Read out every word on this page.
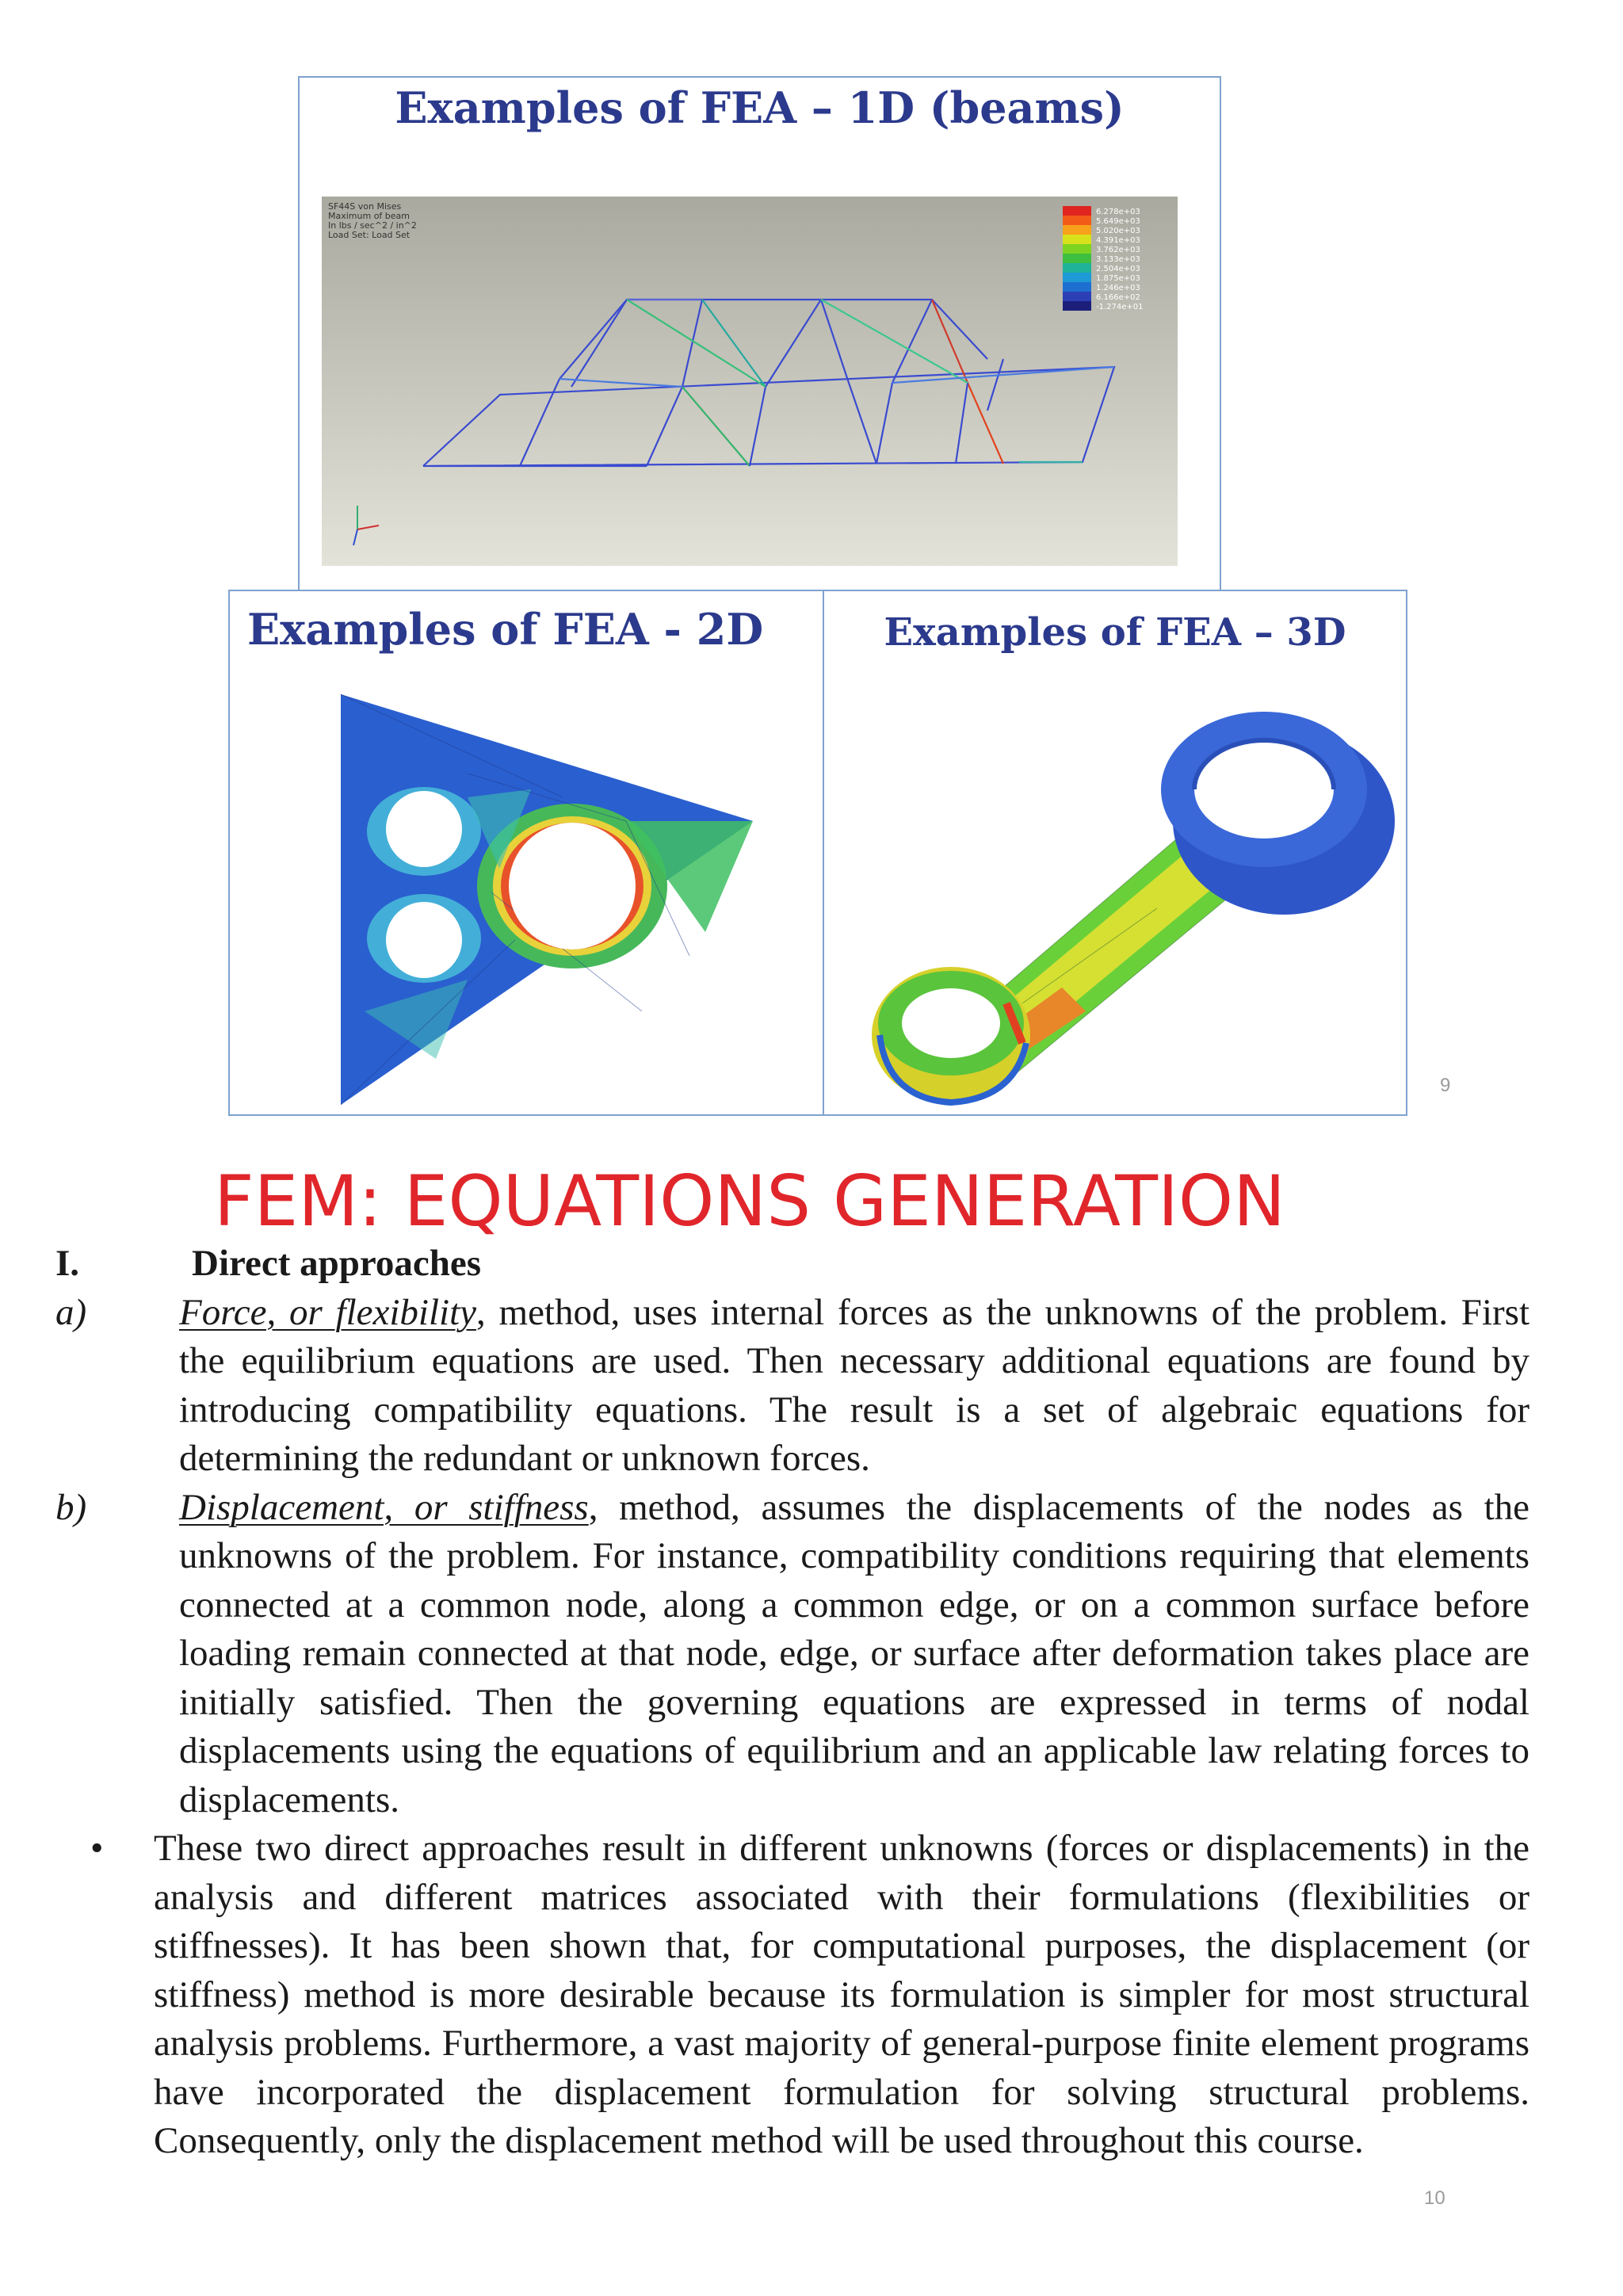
Examples of FEA – 1D (beams)
SF44S von Mises
Maximum of beam
In lbs / sec^2 / in^2
Load Set: Load Set
6.278e+03
5.649e+03
5.020e+03
4.391e+03
3.762e+03
3.133e+03
2.504e+03
1.875e+03
1.246e+03
6.166e+02
-1.274e+01
Examples of FEA - 2D	Examples of FEA – 3D
9
FEM: EQUATIONS GENERATION
I.	Direct approaches
a) Force, or flexibility, method, uses internal forces as the unknowns of the problem. First the equilibrium equations are used. Then necessary additional equations are found by introducing compatibility equations. The result is a set of algebraic equations for determining the redundant or unknown forces.
b) Displacement, or stiffness, method, assumes the displacements of the nodes as the unknowns of the problem. For instance, compatibility conditions requiring that elements connected at a common node, along a common edge, or on a common surface before loading remain connected at that node, edge, or surface after deformation takes place are initially satisfied. Then the governing equations are expressed in terms of nodal displacements using the equations of equilibrium and an applicable law relating forces to displacements.
• These two direct approaches result in different unknowns (forces or displacements) in the analysis and different matrices associated with their formulations (flexibilities or stiffnesses). It has been shown that, for computational purposes, the displacement (or stiffness) method is more desirable because its formulation is simpler for most structural analysis problems. Furthermore, a vast majority of general-purpose finite element programs have incorporated the displacement formulation for solving structural problems. Consequently, only the displacement method will be used throughout this course.
10
